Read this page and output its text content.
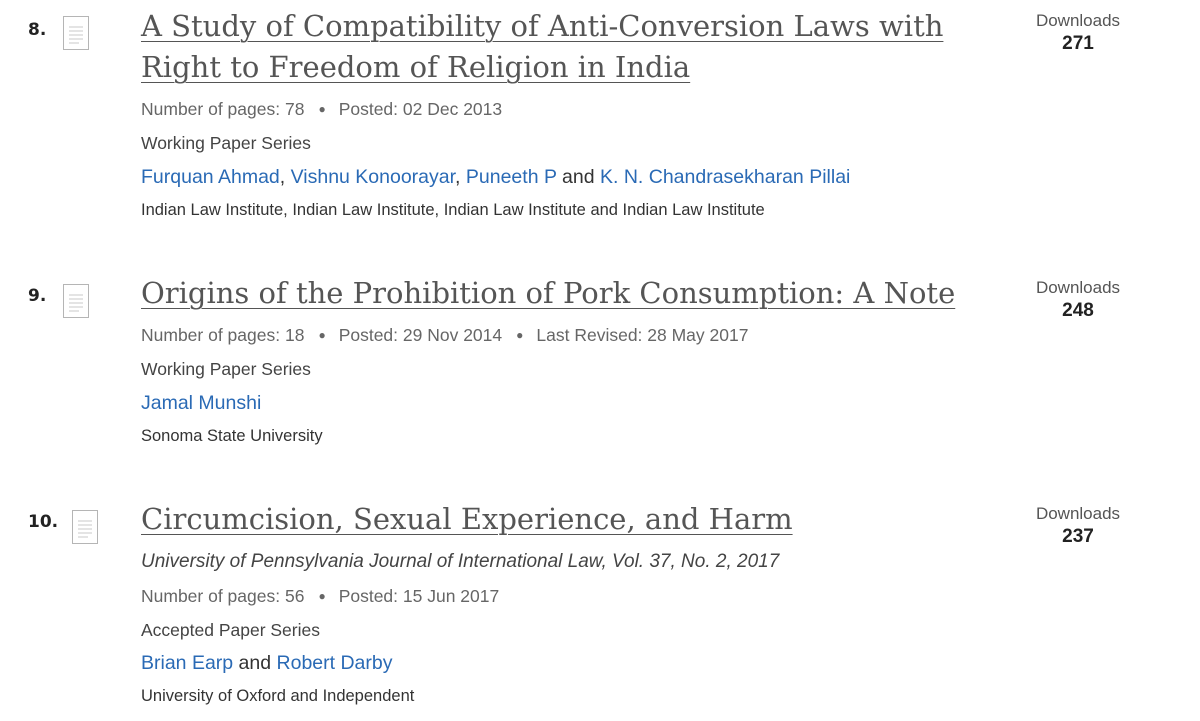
8.	A Study of Compatibility of Anti-Conversion Laws with Right to Freedom of Religion in India
Number of pages: 78 ● Posted: 02 Dec 2013
Working Paper Series
Furquan Ahmad, Vishnu Konoorayar, Puneeth P and K. N. Chandrasekharan Pillai
Indian Law Institute, Indian Law Institute, Indian Law Institute and Indian Law Institute
Downloads
271
9.	Origins of the Prohibition of Pork Consumption: A Note
Number of pages: 18 ● Posted: 29 Nov 2014 ● Last Revised: 28 May 2017
Working Paper Series
Jamal Munshi
Sonoma State University
Downloads
248
10.	Circumcision, Sexual Experience, and Harm
University of Pennsylvania Journal of International Law, Vol. 37, No. 2, 2017
Number of pages: 56 ● Posted: 15 Jun 2017
Accepted Paper Series
Brian Earp and Robert Darby
University of Oxford and Independent
Downloads
237
